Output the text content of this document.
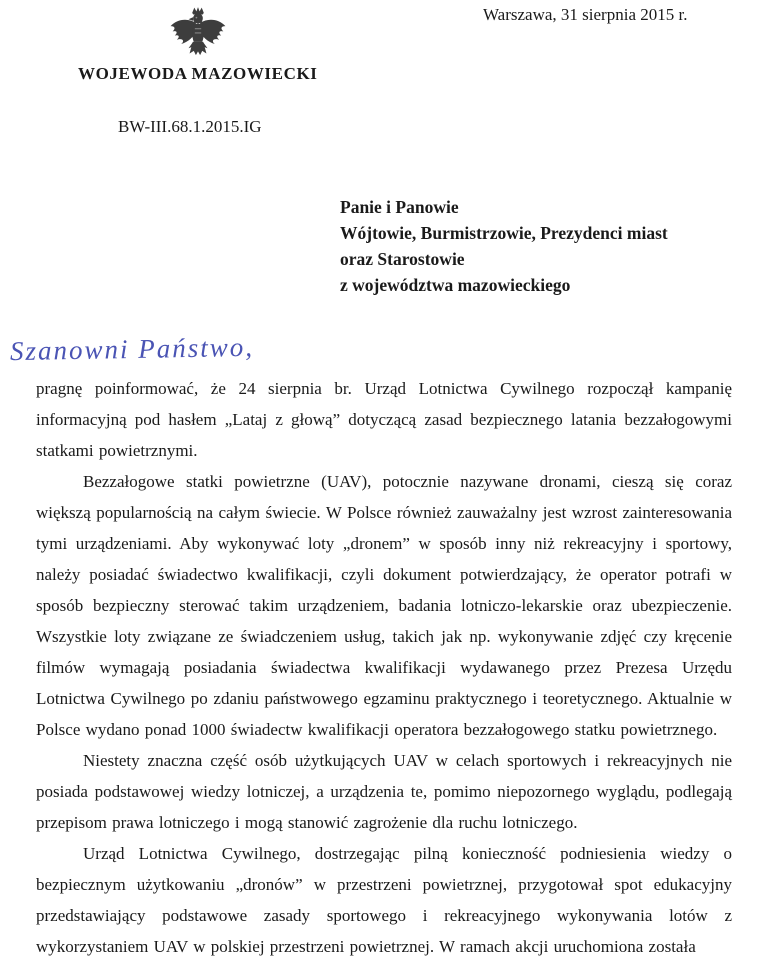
Warszawa, 31 sierpnia 2015 r.
WOJEWODA MAZOWIECKI
BW-III.68.1.2015.IG
Panie i Panowie
Wójtowie, Burmistrzowie, Prezydenci miast
oraz Starostowie
z województwa mazowieckiego
Szanowni Państwo,

pragnę poinformować, że 24 sierpnia br. Urząd Lotnictwa Cywilnego rozpoczął kampanię informacyjną pod hasłem „Lataj z głową” dotyczącą zasad bezpiecznego latania bezzałogowymi statkami powietrznymi.

Bezzałogowe statki powietrzne (UAV), potocznie nazywane dronami, cieszą się coraz większą popularnością na całym świecie. W Polsce również zauważalny jest wzrost zainteresowania tymi urządzeniami. Aby wykonywać loty „dronem” w sposób inny niż rekreacyjny i sportowy, należy posiadać świadectwo kwalifikacji, czyli dokument potwierdzający, że operator potrafi w sposób bezpieczny sterować takim urządzeniem, badania lotniczo-lekarskie oraz ubezpieczenie. Wszystkie loty związane ze świadczeniem usług, takich jak np. wykonywanie zdjęć czy kręcenie filmów wymagają posiadania świadectwa kwalifikacji wydawanego przez Prezesa Urzędu Lotnictwa Cywilnego po zdaniu państwowego egzaminu praktycznego i teoretycznego. Aktualnie w Polsce wydano ponad 1000 świadectw kwalifikacji operatora bezzałogowego statku powietrznego.

Niestety znaczna część osób użytkujących UAV w celach sportowych i rekreacyjnych nie posiada podstawowej wiedzy lotniczej, a urządzenia te, pomimo niepozornego wyglądu, podlegają przepisom prawa lotniczego i mogą stanowić zagrożenie dla ruchu lotniczego.

Urząd Lotnictwa Cywilnego, dostrzegając pilną konieczność podniesienia wiedzy o bezpiecznym użytkowaniu „dronów” w przestrzeni powietrznej, przygotował spot edukacyjny przedstawiający podstawowe zasady sportowego i rekreacyjnego wykonywania lotów z wykorzystaniem UAV w polskiej przestrzeni powietrznej. W ramach akcji uruchomiona została
